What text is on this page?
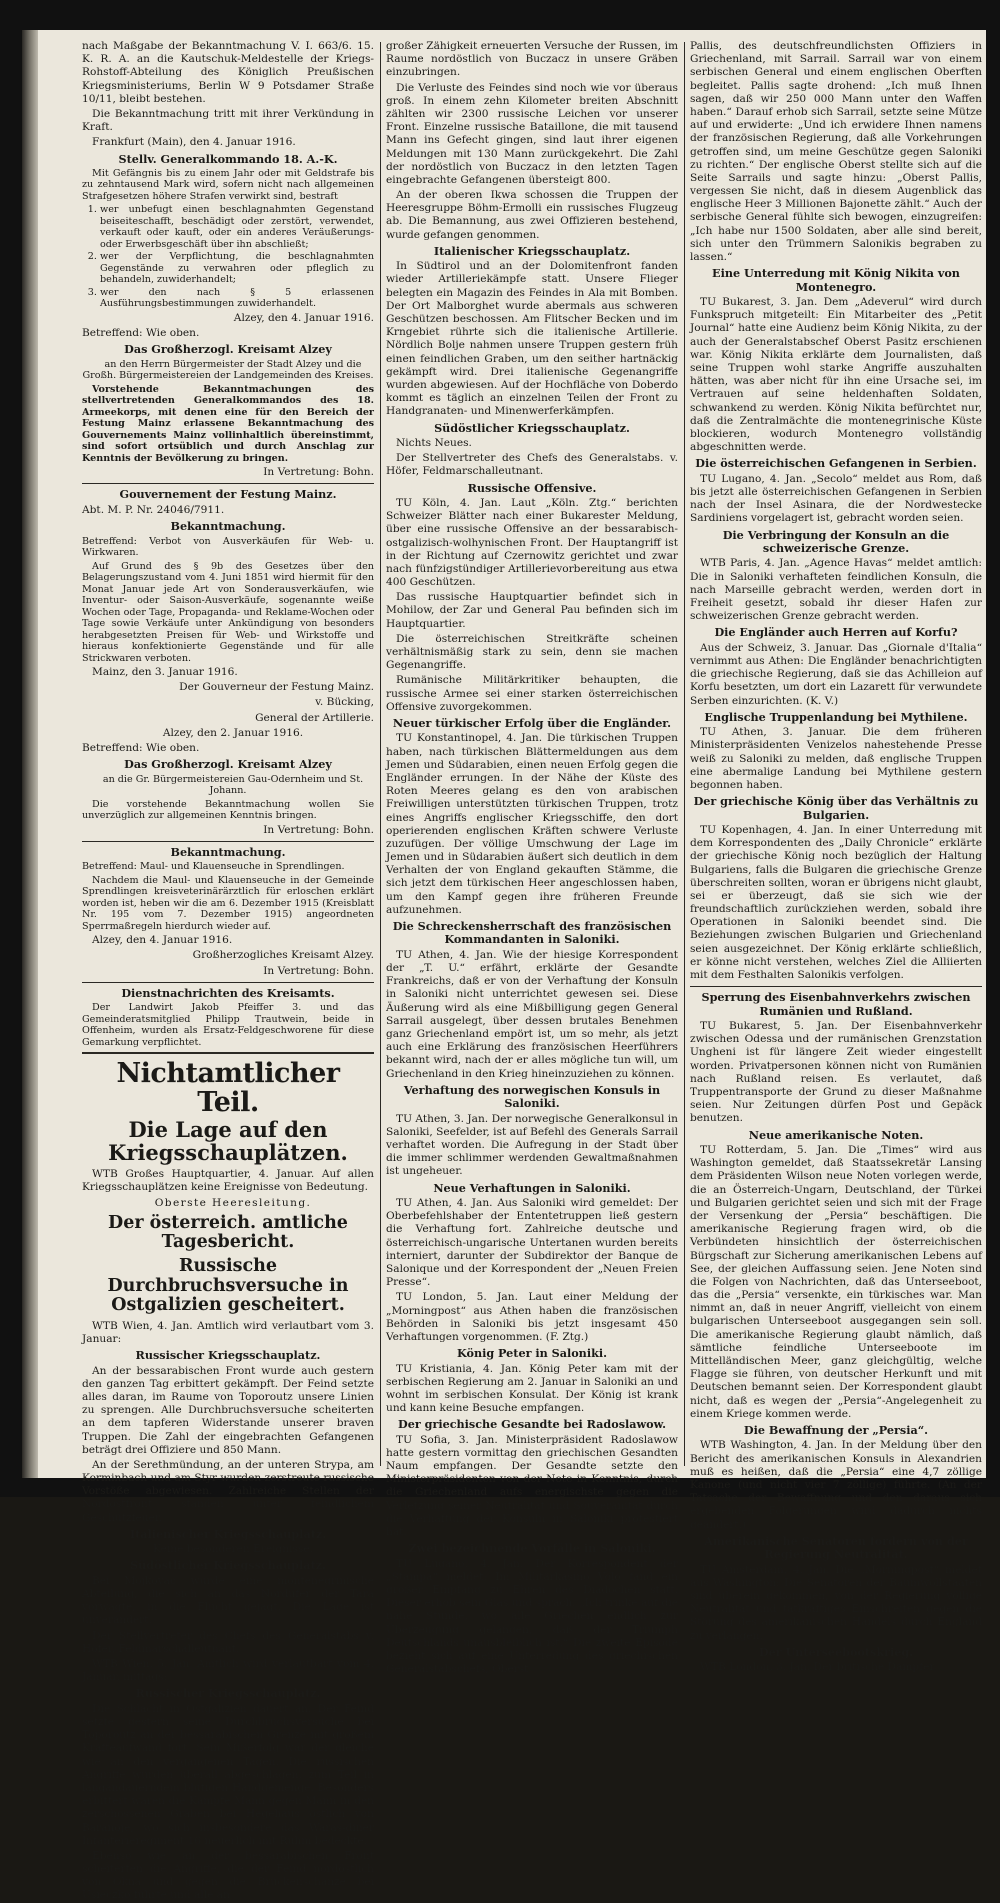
nach Maßgabe der Bekanntmachung V. I. 663/6. 15. K. R. A. an die Kautschuk-Meldestelle der Kriegs-Rohstoff-Abteilung des Königlich Preußischen Kriegsministeriums, Berlin W 9 Potsdamer Straße 10/11, bleibt bestehen.

Die Bekanntmachung tritt mit ihrer Verkündung in Kraft.

Frankfurt (Main), den 4. Januar 1916.

Stellv. Generalkommando 18. A.-K.

Mit Gefängnis bis zu einem Jahr oder mit Geldstrafe bis zu zehntausend Mark wird, sofern nicht nach allgemeinen Strafgesetzen höhere Strafen verwirkt sind, bestraft

1. wer unbefugt einen beschlagnahmten Gegenstand beiseiteschafft, beschädigt oder zerstört, verwendet, verkauft oder kauft, oder ein anderes Veräußerungs- oder Erwerbsgeschäft über ihn abschließt;
2. wer der Verpflichtung, die beschlagnahmten Gegenstände zu verwahren oder pfleglich zu behandeln, zuwiderhandelt;
3. wer den nach § 5 erlassenen Ausführungsbestimmungen zuwiderhandelt.

Alzey, den 4. Januar 1916.

Betreffend: Wie oben.

Das Großherzogl. Kreisamt Alzey

an den Herrn Bürgermeister der Stadt Alzey und die Großh. Bürgermeistereien der Landgemeinden des Kreises.

Vorstehende Bekanntmachungen des stellvertretenden Generalkommandos des 18. Armeekorps, mit denen eine für den Bereich der Festung Mainz erlassene Bekanntmachung des Gouvernements Mainz vollinhaltlich übereinstimmt, sind sofort ortsüblich und durch Anschlag zur Kenntnis der Bevölkerung zu bringen.

In Vertretung: Bohn.

Gouvernement der Festung Mainz.

Abt. M. P. Nr. 24046/7911.

Bekanntmachung.

Betreffend: Verbot von Ausverkäufen für Web- u. Wirkwaren.

Auf Grund des § 9b des Gesetzes über den Belagerungszustand vom 4. Juni 1851 wird hiermit für den Monat Januar jede Art von Sonderausverkäufen, wie Inventur- oder Saison-Ausverkäufe, sogenannte weiße Wochen oder Tage, Propaganda- und Reklame-Wochen oder Tage sowie Verkäufe unter Ankündigung von besonders herabgesetzten Preisen für Web- und Wirkstoffe und hieraus konfektionierte Gegenstände und für alle Strickwaren verboten.

Mainz, den 3. Januar 1916.

Der Gouverneur der Festung Mainz.

v. Bücking,

General der Artillerie.

Alzey, den 2. Januar 1916.

Betreffend: Wie oben.

Das Großherzogl. Kreisamt Alzey

an die Gr. Bürgermeistereien Gau-Odernheim und St. Johann.

Die vorstehende Bekanntmachung wollen Sie unverzüglich zur allgemeinen Kenntnis bringen.

In Vertretung: Bohn.

Bekanntmachung.

Betreffend: Maul- und Klauenseuche in Sprendlingen.

Nachdem die Maul- und Klauenseuche in der Gemeinde Sprendlingen kreisveterinärärztlich für erloschen erklärt worden ist, heben wir die am 6. Dezember 1915 (Kreisblatt Nr. 195 vom 7. Dezember 1915) angeordneten Sperrmaßregeln hierdurch wieder auf.

Alzey, den 4. Januar 1916.

Großherzogliches Kreisamt Alzey.

In Vertretung: Bohn.

Dienstnachrichten des Kreisamts.

Der Landwirt Jakob Pfeiffer 3. und das Gemeinderatsmitglied Philipp Trautwein, beide in Offenheim, wurden als Ersatz-Feldgeschworene für diese Gemarkung verpflichtet.

Nichtamtlicher Teil.
Die Lage auf den Kriegsschauplätzen.

WTB Großes Hauptquartier, 4. Januar. Auf allen Kriegsschauplätzen keine Ereignisse von Bedeutung.

Oberste Heeresleitung.

Der österreich. amtliche Tagesbericht.
Russische Durchbruchsversuche in Ostgalizien gescheitert.

WTB Wien, 4. Jan. Amtlich wird verlautbart vom 3. Januar:

Russischer Kriegsschauplatz.

An der bessarabischen Front wurde auch gestern den ganzen Tag erbittert gekämpft. Der Feind setzte alles daran, im Raume von Toporoutz unsere Linien zu sprengen. Alle Durchbruchsversuche scheiterten an dem tapferen Widerstande unserer braven Truppen. Die Zahl der eingebrachten Gefangenen beträgt drei Offiziere und 850 Mann.

An der Serethmündung, an der unteren Strypa, am Korminbach und am Styr wurden zerstreute russische Vorstöße abgewiesen. Zahlreiche Stellen der Nordostfront standen unter feindlichem Geschützfeuer.

Italienischer Kriegsschauplatz.

Keine besonderen Ereignisse.

Südöstlicher Kriegsschauplatz.

Bei Mojkovac wurde eine montenegrinische Abteilung, die sich an das Nordufer der Tara vorwagte, in die Flucht gejagt. Die Lage ist unverändert.

Der Stellvertreter des Chefs des Generalstabs v. Höfer, Feldmarschalleutnant.

WTB Wien, 5. Jan. Amtlich wird verlautbart vom 4. Januar, mittags:

Russischer Kriegsschauplatz.

Die Schlacht in Ostgalizien dauert an. Der Feind setzte gestern seine Durchbruchsversuche bei Toporoutz an der bessarabischen Grenze mit großem Kräfteaufwand fort. Sein Mißerfolg war der gleiche wie an den vergangenen Tagen. Die russischen Angriffe wurden überall abgeschlagen, zum Teil in langandauerndem blutigen Handgemenge. Besonders erbittert waren die Kämpfe Mann gegen Mann in den zerschossenen Gräben bei Hegehaus östlich von Baranoje, wo sich insbesondere das Waras-diner Infanterieregiment 16 neuerlich mit Ruhm bedeckte.

Ebenso wie an der bessarabischen Front scheiterten die Angriffe, die der Feind nordöstlich von Okna und gegen die Brückenschanze bei Usieczko führte und alle an

großer Zähigkeit erneuerten Versuche der Russen, im Raume nordöstlich von Buczacz in unsere Gräben einzubringen.

Die Verluste des Feindes sind noch wie vor überaus groß. In einem zehn Kilometer breiten Abschnitt zählten wir 2300 russische Leichen vor unserer Front. Einzelne russische Bataillone, die mit tausend Mann ins Gefecht gingen, sind laut ihrer eigenen Meldungen mit 130 Mann zurückgekehrt. Die Zahl der nordöstlich von Buczacz in den letzten Tagen eingebrachte Gefangenen übersteigt 800.

An der oberen Ikwa schossen die Truppen der Heeresgruppe Böhm-Ermolli ein russisches Flugzeug ab. Die Bemannung, aus zwei Offizieren bestehend, wurde gefangen genommen.

Italienischer Kriegsschauplatz.

In Südtirol und an der Dolomitenfront fanden wieder Artilleriekämpfe statt. Unsere Flieger belegten ein Magazin des Feindes in Ala mit Bomben. Der Ort Malborghet wurde abermals aus schweren Geschützen beschossen. Am Flitscher Becken und im Krngebiet rührte sich die italienische Artillerie. Nördlich Bolje nahmen unsere Truppen gestern früh einen feindlichen Graben, um den seither hartnäckig gekämpft wird. Drei italienische Gegenangriffe wurden abgewiesen. Auf der Hochfläche von Doberdo kommt es täglich an einzelnen Teilen der Front zu Handgranaten- und Minenwerferkämpfen.

Südöstlicher Kriegsschauplatz.

Nichts Neues.

Der Stellvertreter des Chefs des Generalstabs. v. Höfer, Feldmarschalleutnant.

Russische Offensive.

TU Köln, 4. Jan. Laut „Köln. Ztg.“ berichten Schweizer Blätter nach einer Bukarester Meldung, über eine russische Offensive an der bessarabisch-ostgalizisch-wolhynischen Front. Der Hauptangriff ist in der Richtung auf Czernowitz gerichtet und zwar nach fünfzigstündiger Artillerievorbereitung aus etwa 400 Geschützen.

Das russische Hauptquartier befindet sich in Mohilow, der Zar und General Pau befinden sich im Hauptquartier.

Die österreichischen Streitkräfte scheinen verhältnismäßig stark zu sein, denn sie machen Gegenangriffe.

Rumänische Militärkritiker behaupten, die russische Armee sei einer starken österreichischen Offensive zuvorgekommen.

Neuer türkischer Erfolg über die Engländer.

TU Konstantinopel, 4. Jan. Die türkischen Truppen haben, nach türkischen Blättermeldungen aus dem Jemen und Südarabien, einen neuen Erfolg gegen die Engländer errungen. In der Nähe der Küste des Roten Meeres gelang es den von arabischen Freiwilligen unterstützten türkischen Truppen, trotz eines Angriffs englischer Kriegsschiffe, den dort operierenden englischen Kräften schwere Verluste zuzufügen. Der völlige Umschwung der Lage im Jemen und in Südarabien äußert sich deutlich in dem Verhalten der von England gekauften Stämme, die sich jetzt dem türkischen Heer angeschlossen haben, um den Kampf gegen ihre früheren Freunde aufzunehmen.

Die Schreckensherrschaft des französischen Kommandanten in Saloniki.

TU Athen, 4. Jan. Wie der hiesige Korrespondent der „T. U.“ erfährt, erklärte der Gesandte Frankreichs, daß er von der Verhaftung der Konsuln in Saloniki nicht unterrichtet gewesen sei. Diese Äußerung wird als eine Mißbilligung gegen General Sarrail ausgelegt, über dessen brutales Benehmen ganz Griechenland empört ist, um so mehr, als jetzt auch eine Erklärung des französischen Heerführers bekannt wird, nach der er alles mögliche tun will, um Griechenland in den Krieg hineinzuziehen zu können.

Verhaftung des norwegischen Konsuls in Saloniki.

TU Athen, 3. Jan. Der norwegische Generalkonsul in Saloniki, Seefelder, ist auf Befehl des Generals Sarrail verhaftet worden. Die Aufregung in der Stadt über die immer schlimmer werdenden Gewaltmaßnahmen ist ungeheuer.

Neue Verhaftungen in Saloniki.

TU Athen, 4. Jan. Aus Saloniki wird gemeldet: Der Oberbefehlshaber der Ententetruppen ließ gestern die Verhaftung fort. Zahlreiche deutsche und österreichisch-ungarische Untertanen wurden bereits interniert, darunter der Subdirektor der Banque de Salonique und der Korrespondent der „Neuen Freien Presse“.

TU London, 5. Jan. Laut einer Meldung der „Morningpost“ aus Athen haben die französischen Behörden in Saloniki bis jetzt insgesamt 450 Verhaftungen vorgenommen. (F. Ztg.)

König Peter in Saloniki.

TU Kristiania, 4. Jan. König Peter kam mit der serbischen Regierung am 2. Januar in Saloniki an und wohnt im serbischen Konsulat. Der König ist krank und kann keine Besuche empfangen.

Der griechische Gesandte bei Radoslawow.

TU Sofia, 3. Jan. Ministerpräsident Radoslawow hatte gestern vormittag den griechischen Gesandten Naum empfangen. Der Gesandte setzte den Ministerpräsidenten von der Note in Kenntnis, durch die Griechenland aufs energischste gegen die Verletzung seiner Neutralität und Souveränität durch die Verhaftung der Konsuln in Saloniki protestiert hat.

Zwei bezeichnende Vorfälle in Saloniki.

TU Lugano, 4. Jan. Der Korrespondent der „Stampa“ meldet: Im Militärkasino Volo fand ein großer Empfang zu Ehren des Diadochen statt. Dieser erhob sein Glas und sprach: „Ich trinke auf die nahe Stunde, wo alle Griechen endlich zur Überzeugung gelangen, daß der Triumph Deutschlands unausbleiblich ist.“ Die zweite Episode bezieht sich auf eine Unterredung des griechischen Generalstabschefs, Oberst

Pallis, des deutschfreundlichsten Offiziers in Griechenland, mit Sarrail. Sarrail war von einem serbischen General und einem englischen Oberften begleitet. Pallis sagte drohend: „Ich muß Ihnen sagen, daß wir 250 000 Mann unter den Waffen haben.“ Darauf erhob sich Sarrail, setzte seine Mütze auf und erwiderte: „Und ich erwidere Ihnen namens der französischen Regierung, daß alle Vorkehrungen getroffen sind, um meine Geschütze gegen Saloniki zu richten.“ Der englische Oberst stellte sich auf die Seite Sarrails und sagte hinzu: „Oberst Pallis, vergessen Sie nicht, daß in diesem Augenblick das englische Heer 3 Millionen Bajonette zählt.“ Auch der serbische General fühlte sich bewogen, einzugreifen: „Ich habe nur 1500 Soldaten, aber alle sind bereit, sich unter den Trümmern Salonikis begraben zu lassen.“

Eine Unterredung mit König Nikita von Montenegro.

TU Bukarest, 3. Jan. Dem „Adeverul“ wird durch Funkspruch mitgeteilt: Ein Mitarbeiter des „Petit Journal“ hatte eine Audienz beim König Nikita, zu der auch der Generalstabschef Oberst Pasitz erschienen war. König Nikita erklärte dem Journalisten, daß seine Truppen wohl starke Angriffe auszuhalten hätten, was aber nicht für ihn eine Ursache sei, im Vertrauen auf seine heldenhaften Soldaten, schwankend zu werden. König Nikita befürchtet nur, daß die Zentralmächte die montenegrinische Küste blockieren, wodurch Montenegro vollständig abgeschnitten werde.

Die österreichischen Gefangenen in Serbien.

TU Lugano, 4. Jan. „Secolo“ meldet aus Rom, daß bis jetzt alle österreichischen Gefangenen in Serbien nach der Insel Asinara, die der Nordwestecke Sardiniens vorgelagert ist, gebracht worden seien.

Die Verbringung der Konsuln an die schweizerische Grenze.

WTB Paris, 4. Jan. „Agence Havas“ meldet amtlich: Die in Saloniki verhafteten feindlichen Konsuln, die nach Marseille gebracht werden, werden dort in Freiheit gesetzt, sobald ihr dieser Hafen zur schweizerischen Grenze gebracht werden.

Die Engländer auch Herren auf Korfu?

Aus der Schweiz, 3. Januar. Das „Giornale d'Italia“ vernimmt aus Athen: Die Engländer benachrichtigten die griechische Regierung, daß sie das Achilleion auf Korfu besetzten, um dort ein Lazarett für verwundete Serben einzurichten. (K. V.)

Englische Truppenlandung bei Mythilene.

TU Athen, 3. Januar. Die dem früheren Ministerpräsidenten Venizelos nahestehende Presse weiß zu Saloniki zu melden, daß englische Truppen eine abermalige Landung bei Mythilene gestern begonnen haben.

Der griechische König über das Verhältnis zu Bulgarien.

TU Kopenhagen, 4. Jan. In einer Unterredung mit dem Korrespondenten des „Daily Chronicle“ erklärte der griechische König noch bezüglich der Haltung Bulgariens, falls die Bulgaren die griechische Grenze überschreiten sollten, woran er übrigens nicht glaubt, sei er überzeugt, daß sie sich wie der freundschaftlich zurückziehen werden, sobald ihre Operationen in Saloniki beendet sind. Die Beziehungen zwischen Bulgarien und Griechenland seien ausgezeichnet. Der König erklärte schließlich, er könne nicht verstehen, welches Ziel die Alliierten mit dem Festhalten Salonikis verfolgen.

Sperrung des Eisenbahnverkehrs zwischen Rumänien und Rußland.

TU Bukarest, 5. Jan. Der Eisenbahnverkehr zwischen Odessa und der rumänischen Grenzstation Ungheni ist für längere Zeit wieder eingestellt worden. Privatpersonen können nicht von Rumänien nach Rußland reisen. Es verlautet, daß Truppentransporte der Grund zu dieser Maßnahme seien. Nur Zeitungen dürfen Post und Gepäck benutzen.

Neue amerikanische Noten.

TU Rotterdam, 5. Jan. Die „Times“ wird aus Washington gemeldet, daß Staatssekretär Lansing dem Präsidenten Wilson neue Noten vorlegen werde, die an Österreich-Ungarn, Deutschland, der Türkei und Bulgarien gerichtet seien und sich mit der Frage der Versenkung der „Persia“ beschäftigen. Die amerikanische Regierung fragen wird, ob die Verbündeten hinsichtlich der österreichischen Bürgschaft zur Sicherung amerikanischen Lebens auf See, der gleichen Auffassung seien. Jene Noten sind die Folgen von Nachrichten, daß das Unterseeboot, das die „Persia“ versenkte, ein türkisches war. Man nimmt an, daß in neuer Angriff, vielleicht von einem bulgarischen Unterseeboot ausgegangen sein soll. Die amerikanische Regierung glaubt nämlich, daß sämtliche feindliche Unterseeboote im Mittelländischen Meer, ganz gleichgültig, welche Flagge sie führen, von deutscher Herkunft und mit Deutschen bemannt seien. Der Korrespondent glaubt nicht, daß es wegen der „Persia“-Angelegenheit zu einem Kriege kommen werde.

Die Bewaffnung der „Persia“.

WTB Washington, 4. Jan. In der Meldung über den Bericht des amerikanischen Konsuls in Alexandrien muß es heißen, daß die „Persia“ eine 4,7 zöllige Kanone (und nicht vier 7 zöllige) führte. (An der Tatsache der Bewaffnung und den daraus sich ergebenden Folgerungen wird dadurch nichts geändert.)

Amerikanische Senatoren fordern von der Regierung Neutralität.

TU Amsterdam, 4. Jan. Die „Morningpost“ meldet aus Washington: Die Senatoren der Baumwollstaaten sind überein gekommen, von der Regierung völlige Neutralität und tatkräftiges Einschreiten gegen die Störung des amerikanischen Handels durch England zu verlangen.

Der Unterseebootskrieg.

WTB London, 3. Jan. Der britische Dampfer
